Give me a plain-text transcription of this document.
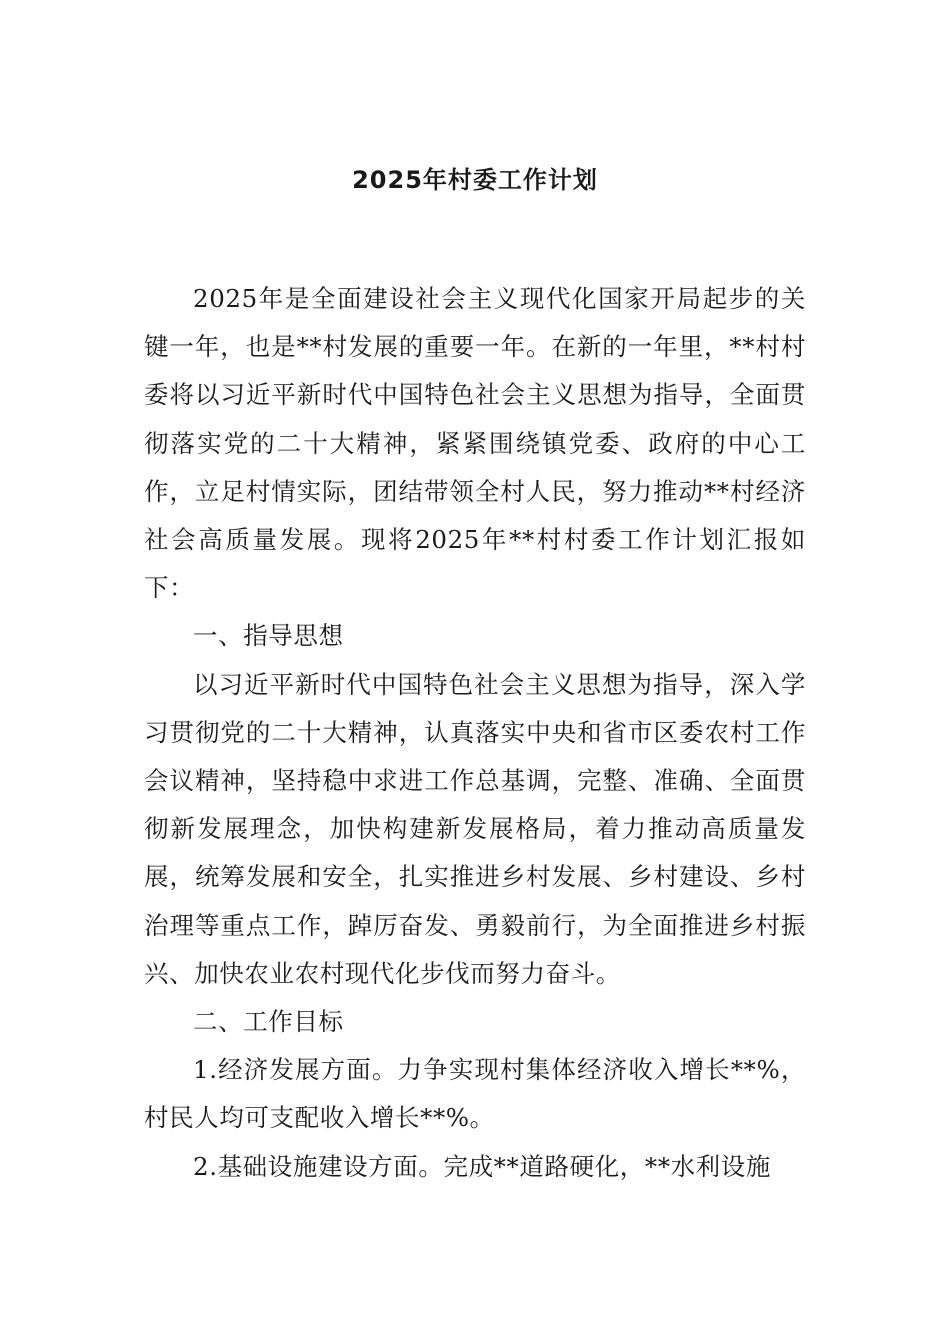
2025年村委工作计划

2025年是全面建设社会主义现代化国家开局起步的关键一年，也是**村发展的重要一年。在新的一年里，**村村委将以习近平新时代中国特色社会主义思想为指导，全面贯彻落实党的二十大精神，紧紧围绕镇党委、政府的中心工作，立足村情实际，团结带领全村人民，努力推动**村经济社会高质量发展。现将2025年**村村委工作计划汇报如下：

一、指导思想

以习近平新时代中国特色社会主义思想为指导，深入学习贯彻党的二十大精神，认真落实中央和省市区委农村工作会议精神，坚持稳中求进工作总基调，完整、准确、全面贯彻新发展理念，加快构建新发展格局，着力推动高质量发展，统筹发展和安全，扎实推进乡村发展、乡村建设、乡村治理等重点工作，踔厉奋发、勇毅前行，为全面推进乡村振兴、加快农业农村现代化步伐而努力奋斗。

二、工作目标

1.经济发展方面。力争实现村集体经济收入增长**%，村民人均可支配收入增长**%。

2.基础设施建设方面。完成**道路硬化，**水利设施
